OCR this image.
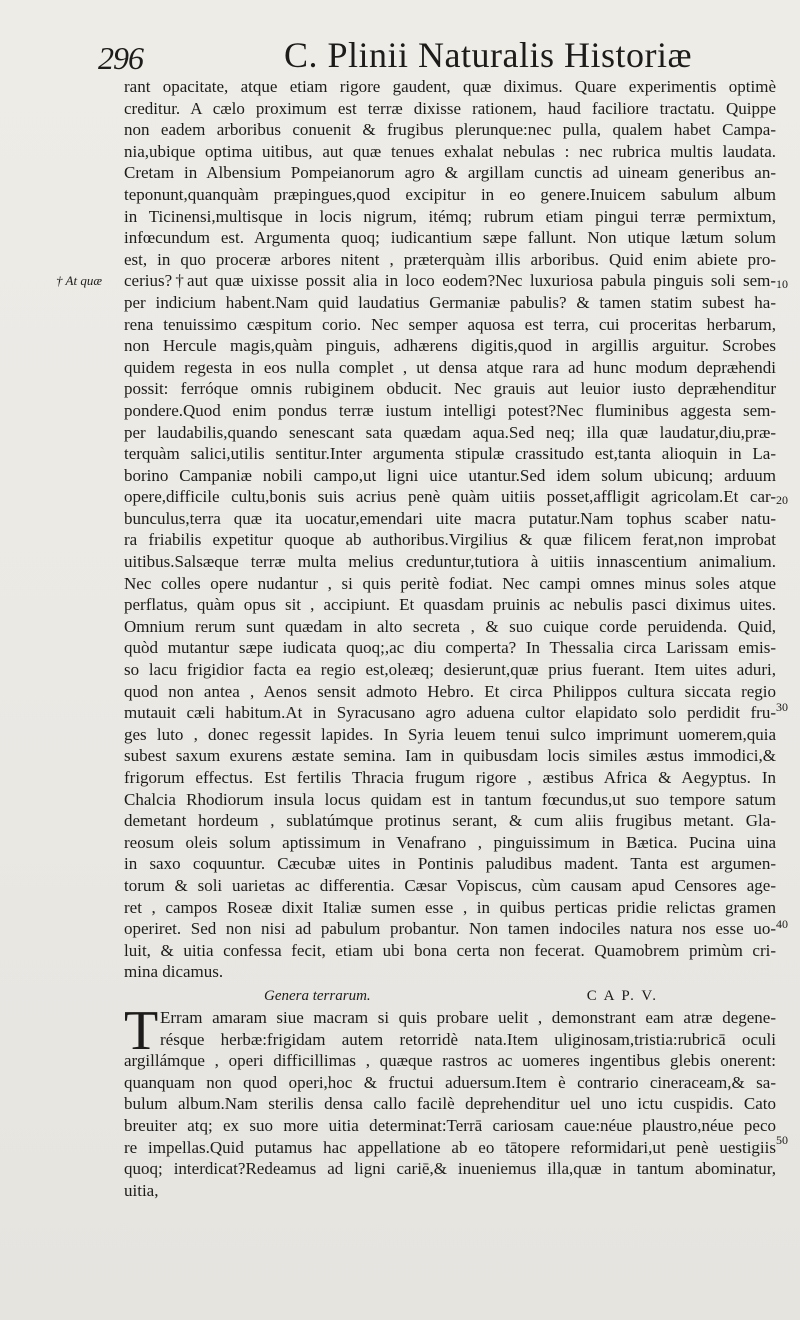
296	C. Plinii Naturalis Historiæ
† At quæ	10
20
30
40
50
rant opacitate, atque etiam rigore gaudent, quæ diximus. Quare experimentis optimè
creditur. A cælo proximum est terræ dixisse rationem, haud faciliore tractatu. Quippe
non eadem arboribus conuenit & frugibus plerunque:nec pulla, qualem habet Campa-
nia,ubique optima uitibus, aut quæ tenues exhalat nebulas : nec rubrica multis laudata.
Cretam in Albensium Pompeianorum agro & argillam cunctis ad uineam generibus an-
teponunt,quanquàm præpingues,quod excipitur in eo genere.Inuicem sabulum album
in Ticinensi,multisque in locis nigrum, itémq; rubrum etiam pingui terræ permixtum,
infœcundum est. Argumenta quoq; iudicantium sæpe fallunt. Non utique lætum solum
est, in quo proceræ arbores nitent , præterquàm illis arboribus. Quid enim abiete pro-
cerius?†aut quæ uixisse possit alia in loco eodem?Nec luxuriosa pabula pinguis soli sem-
per indicium habent.Nam quid laudatius Germaniæ pabulis? & tamen statim subest ha-
rena tenuissimo cæspitum corio. Nec semper aquosa est terra, cui proceritas herbarum,
non Hercule magis,quàm pinguis, adhærens digitis,quod in argillis arguitur. Scrobes
quidem regesta in eos nulla complet , ut densa atque rara ad hunc modum depræhendi
possit: ferróque omnis rubiginem obducit. Nec grauis aut leuior iusto depræhenditur
pondere.Quod enim pondus terræ iustum intelligi potest?Nec fluminibus aggesta sem-
per laudabilis,quando senescant sata quædam aqua.Sed neq; illa quæ laudatur,diu,præ-
terquàm salici,utilis sentitur.Inter argumenta stipulæ crassitudo est,tanta alioquin in La-
borino Campaniæ nobili campo,ut ligni uice utantur.Sed idem solum ubicunq; arduum
opere,difficile cultu,bonis suis acrius penè quàm uitiis posset,affligit agricolam.Et car-
bunculus,terra quæ ita uocatur,emendari uite macra putatur.Nam tophus scaber natu-
ra friabilis expetitur quoque ab authoribus.Virgilius & quæ filicem ferat,non improbat
uitibus.Salsæque terræ multa melius creduntur,tutiora à uitiis innascentium animalium.
Nec colles opere nudantur , si quis peritè fodiat. Nec campi omnes minus soles atque
perflatus, quàm opus sit , accipiunt. Et quasdam pruinis ac nebulis pasci diximus uites.
Omnium rerum sunt quædam in alto secreta , & suo cuique corde peruidenda. Quid,
quòd mutantur sæpe iudicata quoq;,ac diu comperta? In Thessalia circa Larissam emis-
so lacu frigidior facta ea regio est,oleæq; desierunt,quæ prius fuerant. Item uites aduri,
quod non antea , Aenos sensit admoto Hebro. Et circa Philippos cultura siccata regio
mutauit cæli habitum.At in Syracusano agro aduena cultor elapidato solo perdidit fru-
ges luto , donec regessit lapides. In Syria leuem tenui sulco imprimunt uomerem,quia
subest saxum exurens æstate semina. Iam in quibusdam locis similes æstus immodici,&
frigorum effectus. Est fertilis Thracia frugum rigore , æstibus Africa & Aegyptus. In
Chalcia Rhodiorum insula locus quidam est in tantum fœcundus,ut suo tempore satum
demetant hordeum , sublatúmque protinus serant, & cum aliis frugibus metant. Gla-
reosum oleis solum aptissimum in Venafrano , pinguissimum in Bætica. Pucina uina
in saxo coquuntur. Cæcubæ uites in Pontinis paludibus madent. Tanta est argumen-
torum & soli uarietas ac differentia. Cæsar Vopiscus, cùm causam apud Censores age-
ret , campos Roseæ dixit Italiæ sumen esse , in quibus perticas pridie relictas gramen
operiret. Sed non nisi ad pabulum probantur. Non tamen indociles natura nos esse uo-
luit, & uitia confessa fecit, etiam ubi bona certa non fecerat. Quamobrem primùm cri-
mina dicamus.
Genera terrarum.	C A P. V.
T Erram amaram siue macram si quis probare uelit , demonstrant eam atræ degene-
résque herbæ:frigidam autem retorridè nata.Item uliginosam,tristia:rubricā oculi
argillámque , operi difficillimas , quæque rastros ac uomeres ingentibus glebis onerent:
quanquam non quod operi,hoc & fructui aduersum.Item è contrario cineraceam,& sa-
bulum album.Nam sterilis densa callo facilè deprehenditur uel uno ictu cuspidis. Cato
breuiter atq; ex suo more uitia determinat:Terrā cariosam caue:néue plaustro,néue peco
re impellas.Quid putamus hac appellatione ab eo tātopere reformidari,ut penè uestigiis
quoq; interdicat?Redeamus ad ligni cariē,& inueniemus illa,quæ in tantum abominatur,
uitia,
